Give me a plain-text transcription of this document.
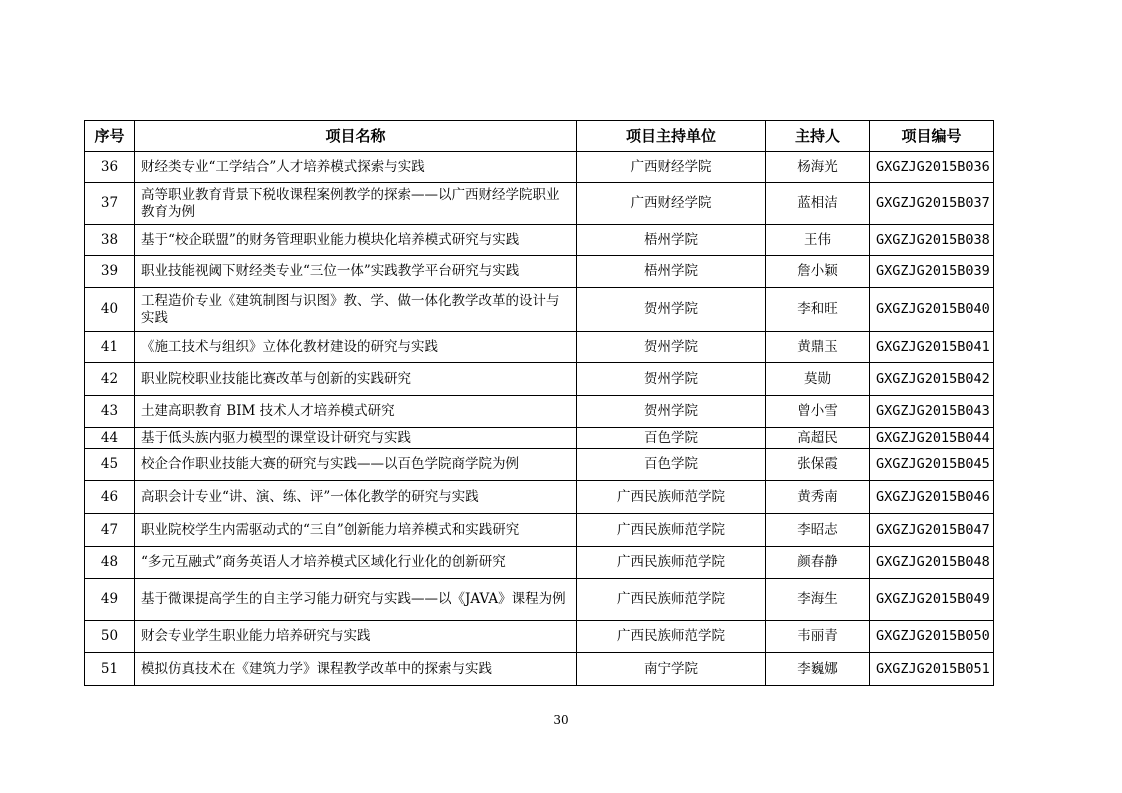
序号	项目名称	项目主持单位	主持人	项目编号
36	财经类专业“工学结合”人才培养模式探索与实践	广西财经学院	杨海光	GXGZJG2015B036
37	高等职业教育背景下税收课程案例教学的探索——以广西财经学院职业教育为例	广西财经学院	蓝相洁	GXGZJG2015B037
38	基于“校企联盟”的财务管理职业能力模块化培养模式研究与实践	梧州学院	王伟	GXGZJG2015B038
39	职业技能视阈下财经类专业“三位一体”实践教学平台研究与实践	梧州学院	詹小颖	GXGZJG2015B039
40	工程造价专业《建筑制图与识图》教、学、做一体化教学改革的设计与实践	贺州学院	李和旺	GXGZJG2015B040
41	《施工技术与组织》立体化教材建设的研究与实践	贺州学院	黄鼎玉	GXGZJG2015B041
42	职业院校职业技能比赛改革与创新的实践研究	贺州学院	莫勋	GXGZJG2015B042
43	土建高职教育 BIM 技术人才培养模式研究	贺州学院	曾小雪	GXGZJG2015B043
44	基于低头族内驱力模型的课堂设计研究与实践	百色学院	高超民	GXGZJG2015B044
45	校企合作职业技能大赛的研究与实践——以百色学院商学院为例	百色学院	张保霞	GXGZJG2015B045
46	高职会计专业“讲、演、练、评”一体化教学的研究与实践	广西民族师范学院	黄秀南	GXGZJG2015B046
47	职业院校学生内需驱动式的“三自”创新能力培养模式和实践研究	广西民族师范学院	李昭志	GXGZJG2015B047
48	“多元互融式”商务英语人才培养模式区域化行业化的创新研究	广西民族师范学院	颜春静	GXGZJG2015B048
49	基于微课提高学生的自主学习能力研究与实践——以《JAVA》课程为例	广西民族师范学院	李海生	GXGZJG2015B049
50	财会专业学生职业能力培养研究与实践	广西民族师范学院	韦丽青	GXGZJG2015B050
51	模拟仿真技术在《建筑力学》课程教学改革中的探索与实践	南宁学院	李巍娜	GXGZJG2015B051
30
